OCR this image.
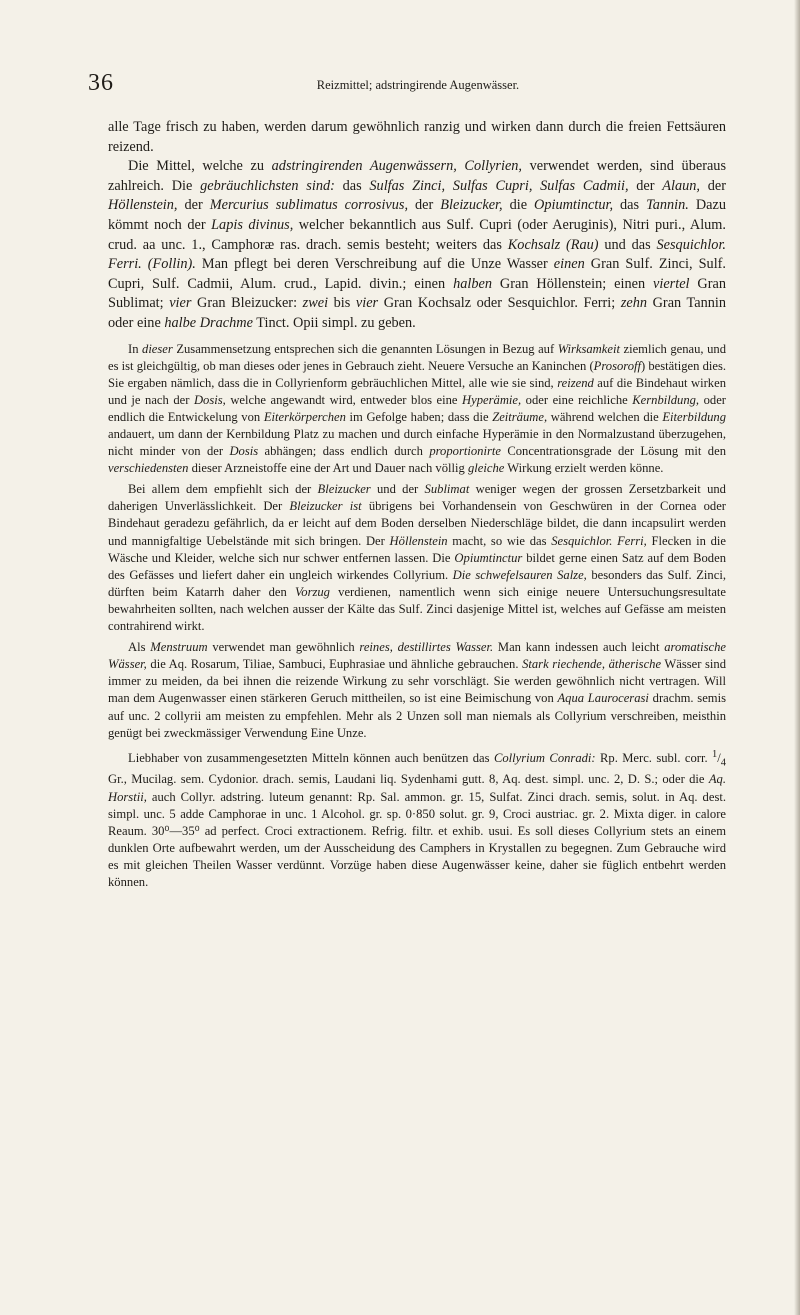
36	Reizmittel; adstringirende Augenwässer.

alle Tage frisch zu haben, werden darum gewöhnlich ranzig und wirken dann durch die freien Fettsäuren reizend.

Die Mittel, welche zu adstringirenden Augenwässern, Collyrien, verwendet werden, sind überaus zahlreich. Die gebräuchlichsten sind: das Sulfas Zinci, Sulfas Cupri, Sulfas Cadmii, der Alaun, der Höllenstein, der Mercurius sublimatus corrosivus, der Bleizucker, die Opiumtinctur, das Tannin. Dazu kömmt noch der Lapis divinus, welcher bekanntlich aus Sulf. Cupri (oder Aeruginis), Nitri puri., Alum. crud. aa unc. 1., Camphoræ ras. drach. semis besteht; weiters das Kochsalz (Rau) und das Sesquichlor. Ferri. (Follin). Man pflegt bei deren Verschreibung auf die Unze Wasser einen Gran Sulf. Zinci, Sulf. Cupri, Sulf. Cadmii, Alum. crud., Lapid. divin.; einen halben Gran Höllenstein; einen viertel Gran Sublimat; vier Gran Bleizucker: zwei bis vier Gran Kochsalz oder Sesquichlor. Ferri; zehn Gran Tannin oder eine halbe Drachme Tinct. Opii simpl. zu geben.

In dieser Zusammensetzung entsprechen sich die genannten Lösungen in Bezug auf Wirksamkeit ziemlich genau, und es ist gleichgültig, ob man dieses oder jenes in Gebrauch zieht. Neuere Versuche an Kaninchen (Prosoroff) bestätigen dies. Sie ergaben nämlich, dass die in Collyrienform gebräuchlichen Mittel, alle wie sie sind, reizend auf die Bindehaut wirken und je nach der Dosis, welche angewandt wird, entweder blos eine Hyperämie, oder eine reichliche Kernbildung, oder endlich die Entwickelung von Eiterkörperchen im Gefolge haben; dass die Zeiträume, während welchen die Eiterbildung andauert, um dann der Kernbildung Platz zu machen und durch einfache Hyperämie in den Normalzustand überzugehen, nicht minder von der Dosis abhängen; dass endlich durch proportionirte Concentrationsgrade der Lösung mit den verschiedensten dieser Arzneistoffe eine der Art und Dauer nach völlig gleiche Wirkung erzielt werden könne.

Bei allem dem empfiehlt sich der Bleizucker und der Sublimat weniger wegen der grossen Zersetzbarkeit und daherigen Unverlässlichkeit. Der Bleizucker ist übrigens bei Vorhandensein von Geschwüren in der Cornea oder Bindehaut geradezu gefährlich, da er leicht auf dem Boden derselben Niederschläge bildet, die dann incapsulirt werden und mannigfaltige Uebelstände mit sich bringen. Der Höllenstein macht, so wie das Sesquichlor. Ferri, Flecken in die Wäsche und Kleider, welche sich nur schwer entfernen lassen. Die Opiumtinctur bildet gerne einen Satz auf dem Boden des Gefässes und liefert daher ein ungleich wirkendes Collyrium. Die schwefelsauren Salze, besonders das Sulf. Zinci, dürften beim Katarrh daher den Vorzug verdienen, namentlich wenn sich einige neuere Untersuchungsresultate bewahrheiten sollten, nach welchen ausser der Kälte das Sulf. Zinci dasjenige Mittel ist, welches auf Gefässe am meisten contrahirend wirkt.

Als Menstruum verwendet man gewöhnlich reines, destillirtes Wasser. Man kann indessen auch leicht aromatische Wässer, die Aq. Rosarum, Tiliae, Sambuci, Euphrasiae und ähnliche gebrauchen. Stark riechende, ätherische Wässer sind immer zu meiden, da bei ihnen die reizende Wirkung zu sehr vorschlägt. Sie werden gewöhnlich nicht vertragen. Will man dem Augenwasser einen stärkeren Geruch mittheilen, so ist eine Beimischung von Aqua Laurocerasi drachm. semis auf unc. 2 collyrii am meisten zu empfehlen. Mehr als 2 Unzen soll man niemals als Collyrium verschreiben, meisthin genügt bei zweckmässiger Verwendung Eine Unze.

Liebhaber von zusammengesetzten Mitteln können auch benützen das Collyrium Conradi: Rp. Merc. subl. corr. $^1/_4$ Gr., Mucilag. sem. Cydonior. drach. semis, Laudani liq. Sydenhami gutt. 8, Aq. dest. simpl. unc. 2, D. S.; oder die Aq. Horstii, auch Collyr. adstring. luteum genannt: Rp. Sal. ammon. gr. 15, Sulfat. Zinci drach. semis, solut. in Aq. dest. simpl. unc. 5 adde Camphorae in unc. 1 Alcohol. gr. sp. 0·850 solut. gr. 9, Croci austriac. gr. 2. Mixta diger. in calore Reaum. 30⁰—35⁰ ad perfect. Croci extractionem. Refrig. filtr. et exhib. usui. Es soll dieses Collyrium stets an einem dunklen Orte aufbewahrt werden, um der Ausscheidung des Camphers in Krystallen zu begegnen. Zum Gebrauche wird es mit gleichen Theilen Wasser verdünnt. Vorzüge haben diese Augenwässer keine, daher sie füglich entbehrt werden können.
